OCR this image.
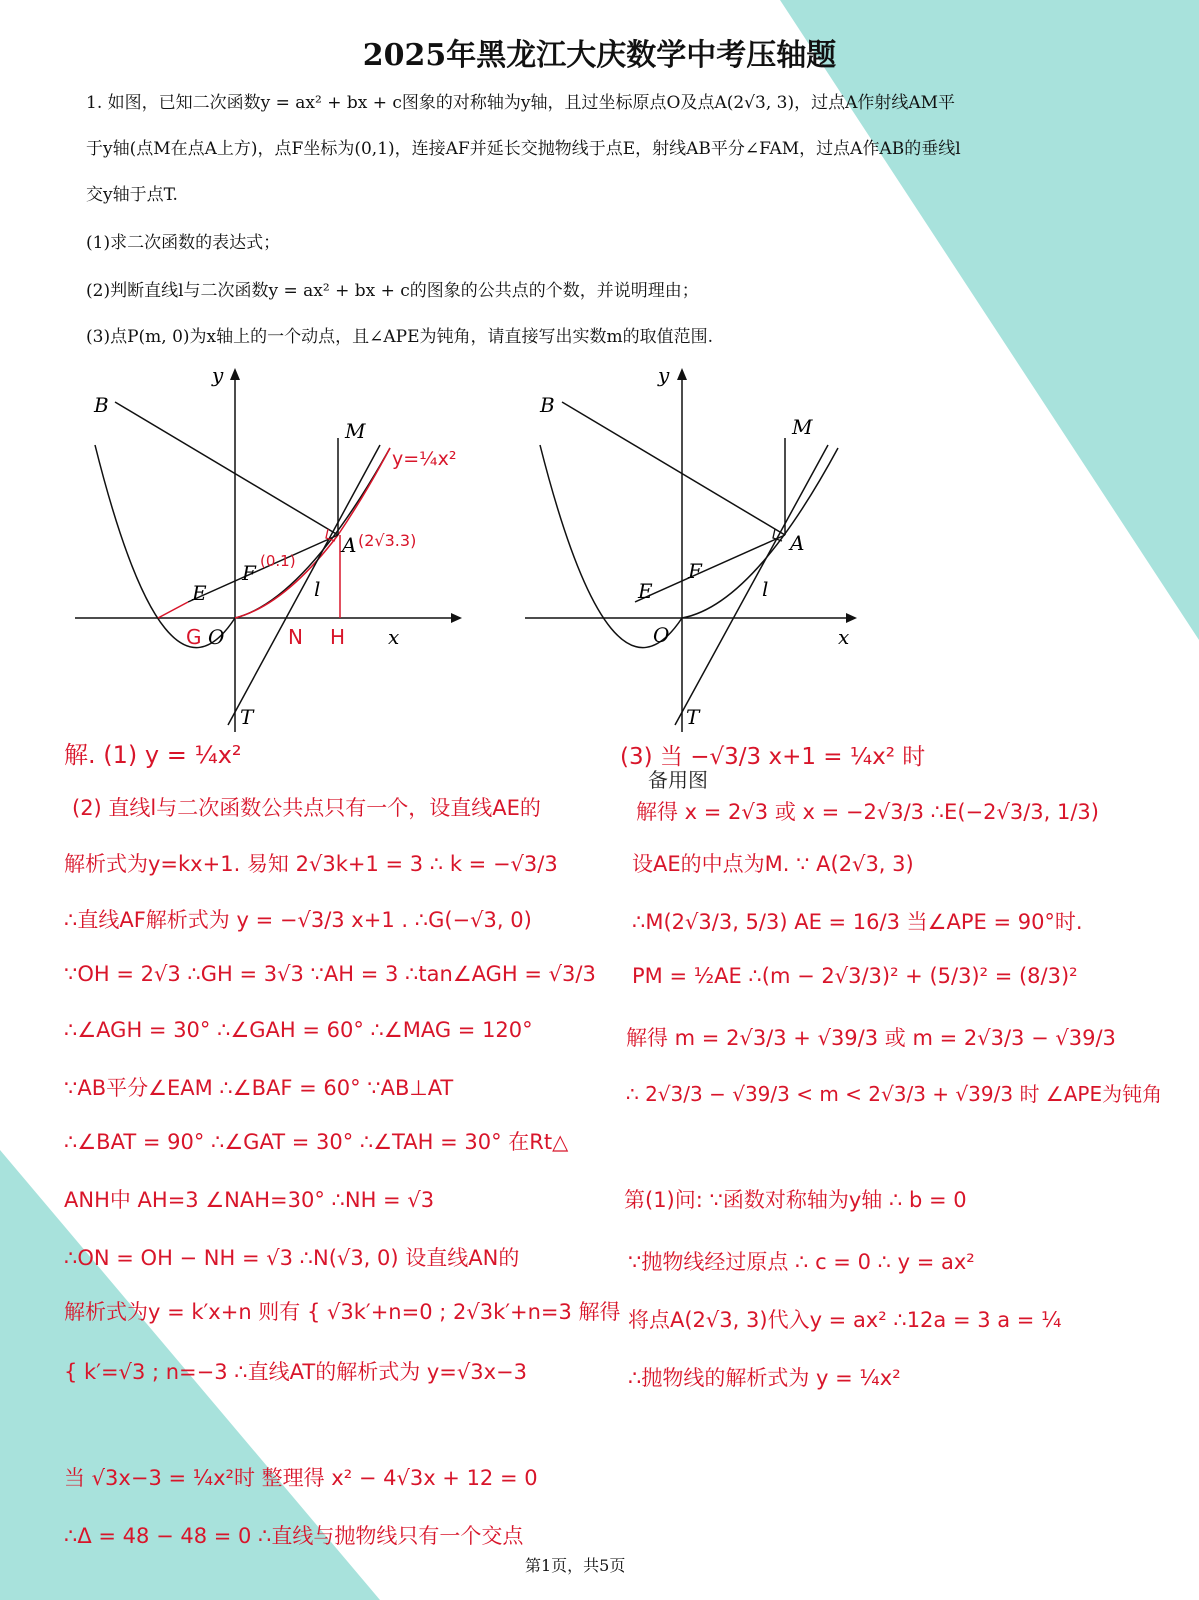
2025年黑龙江大庆数学中考压轴题
1. 如图，已知二次函数y = ax² + bx + c图象的对称轴为y轴，且过坐标原点O及点A(2√3, 3)，过点A作射线AM平
于y轴(点M在点A上方)，点F坐标为(0,1)，连接AF并延长交抛物线于点E，射线AB平分∠FAM，过点A作AB的垂线l
交y轴于点T.
(1)求二次函数的表达式；
(2)判断直线l与二次函数y = ax² + bx + c的图象的公共点的个数，并说明理由；
(3)点P(m, 0)为x轴上的一个动点，且∠APE为钝角，请直接写出实数m的取值范围.
B
M
y
A
E
F
l
O	x
T
y=¼x²
(2√3.3)
(0.1)
G	N H
B
M
y
A
E
F
l
O	x
T
备用图
解. (1) y = ¼x²
(2) 直线l与二次函数公共点只有一个，设直线AE的
解析式为y=kx+1. 易知 2√3k+1 = 3 ∴ k = −√3/3
∴直线AF解析式为 y = −√3/3 x+1 . ∴G(−√3, 0)
∵OH = 2√3 ∴GH = 3√3 ∵AH = 3 ∴tan∠AGH = √3/3
∴∠AGH = 30° ∴∠GAH = 60° ∴∠MAG = 120°
∵AB平分∠EAM ∴∠BAF = 60° ∵AB⊥AT
∴∠BAT = 90° ∴∠GAT = 30° ∴∠TAH = 30° 在Rt△
ANH中 AH=3 ∠NAH=30° ∴NH = √3
∴ON = OH − NH = √3 ∴N(√3, 0) 设直线AN的
解析式为y = k′x+n 则有 { √3k′+n=0 ; 2√3k′+n=3 解得
{ k′=√3 ; n=−3 ∴直线AT的解析式为 y=√3x−3
当 √3x−3 = ¼x²时 整理得 x² − 4√3x + 12 = 0
∴Δ = 48 − 48 = 0 ∴直线与抛物线只有一个交点
(3) 当 −√3/3 x+1 = ¼x² 时
解得 x = 2√3 或 x = −2√3/3 ∴E(−2√3/3, 1/3)
设AE的中点为M. ∵ A(2√3, 3)
∴M(2√3/3, 5/3) AE = 16/3 当∠APE = 90°时.
PM = ½AE ∴(m − 2√3/3)² + (5/3)² = (8/3)²
解得 m = 2√3/3 + √39/3 或 m = 2√3/3 − √39/3
∴ 2√3/3 − √39/3 < m < 2√3/3 + √39/3 时 ∠APE为钝角
第(1)问: ∵函数对称轴为y轴 ∴ b = 0
∵抛物线经过原点 ∴ c = 0 ∴ y = ax²
将点A(2√3, 3)代入y = ax² ∴12a = 3 a = ¼
∴抛物线的解析式为 y = ¼x²
第1页，共5页
